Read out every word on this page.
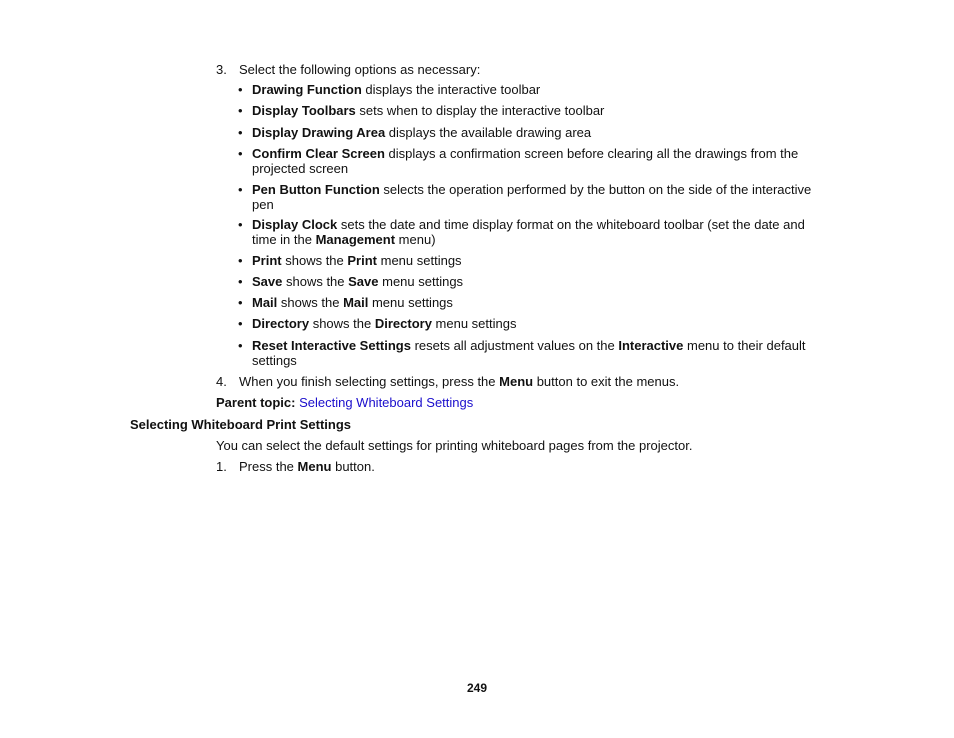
3. Select the following options as necessary:
• Drawing Function displays the interactive toolbar
• Display Toolbars sets when to display the interactive toolbar
• Display Drawing Area displays the available drawing area
• Confirm Clear Screen displays a confirmation screen before clearing all the drawings from the projected screen
• Pen Button Function selects the operation performed by the button on the side of the interactive pen
• Display Clock sets the date and time display format on the whiteboard toolbar (set the date and time in the Management menu)
• Print shows the Print menu settings
• Save shows the Save menu settings
• Mail shows the Mail menu settings
• Directory shows the Directory menu settings
• Reset Interactive Settings resets all adjustment values on the Interactive menu to their default settings
4. When you finish selecting settings, press the Menu button to exit the menus.
Parent topic: Selecting Whiteboard Settings
Selecting Whiteboard Print Settings
You can select the default settings for printing whiteboard pages from the projector.
1. Press the Menu button.
249
